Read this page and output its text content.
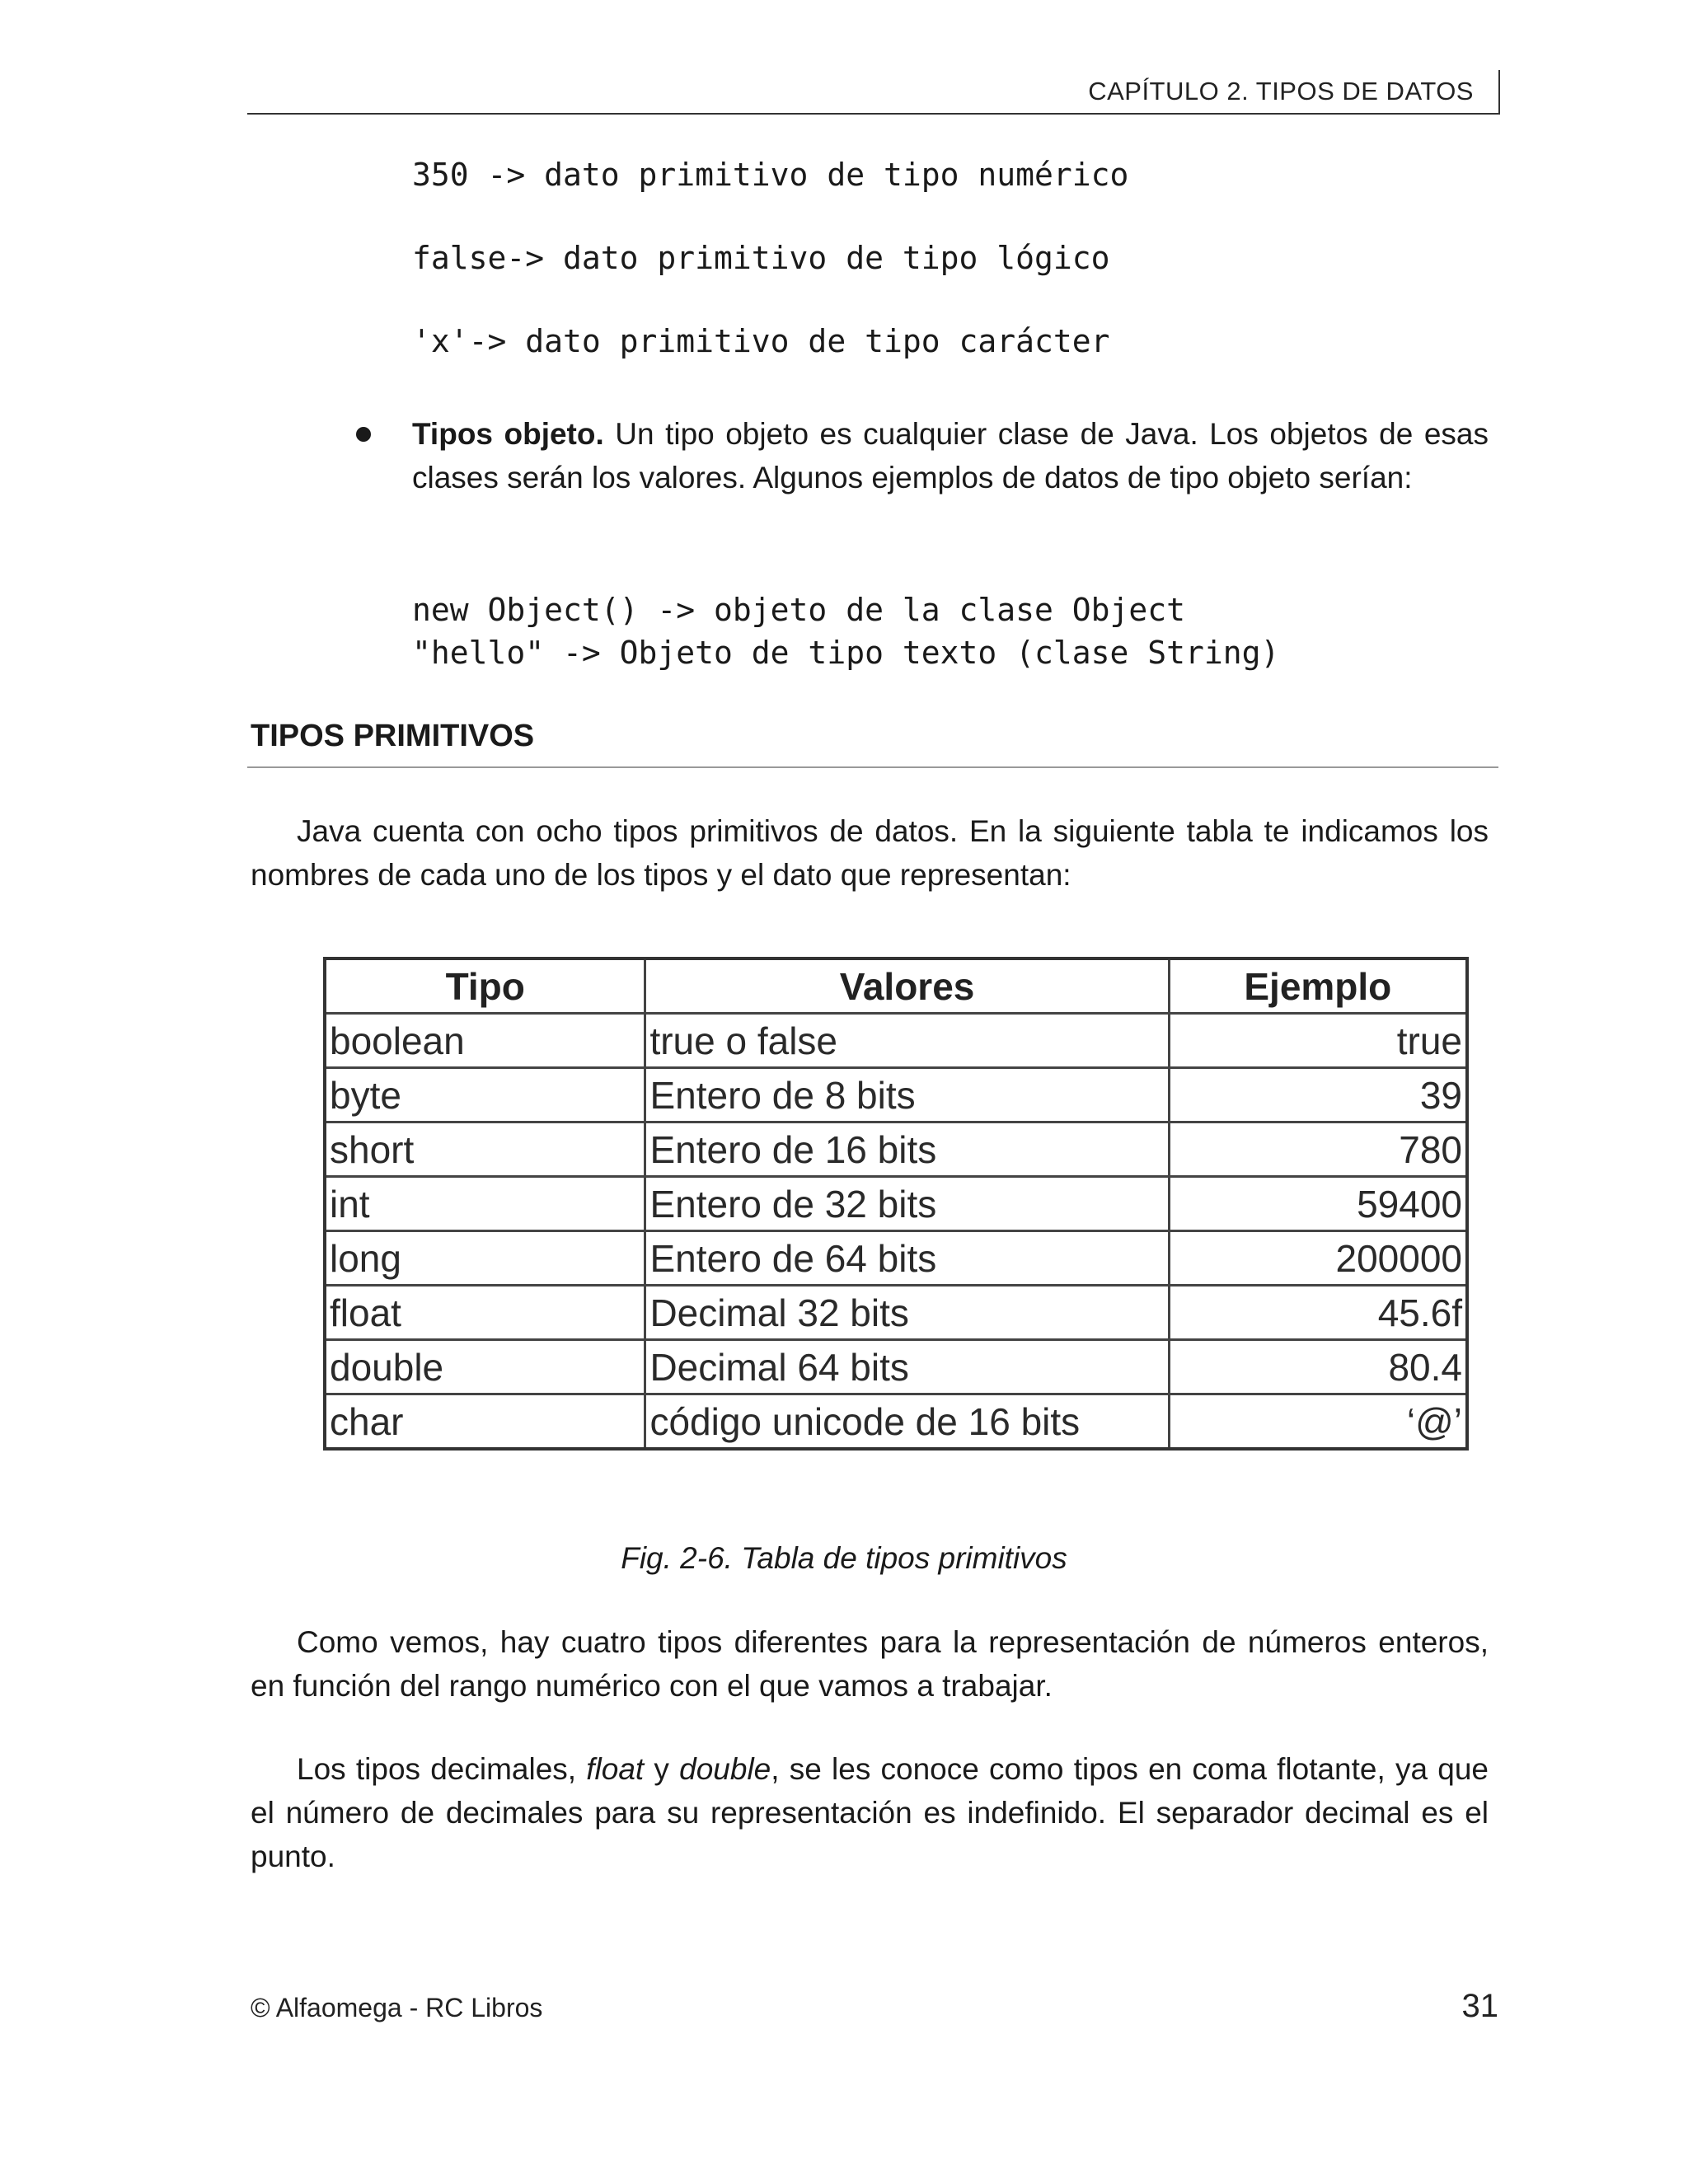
CAPÍTULO 2. TIPOS DE DATOS
350 -> dato primitivo de tipo numérico
false-> dato primitivo de tipo lógico
'x'-> dato primitivo de tipo carácter
Tipos objeto. Un tipo objeto es cualquier clase de Java. Los objetos de esas clases serán los valores. Algunos ejemplos de datos de tipo objeto serían:
new Object() -> objeto de la clase Object
"hello" -> Objeto de tipo texto (clase String)
TIPOS PRIMITIVOS
Java cuenta con ocho tipos primitivos de datos. En la siguiente tabla te indicamos los nombres de cada uno de los tipos y el dato que representan:
Tipo	Valores	Ejemplo
boolean	true o false	true
byte	Entero de 8 bits	39
short	Entero de 16 bits	780
int	Entero de 32 bits	59400
long	Entero de 64 bits	200000
float	Decimal 32 bits	45.6f
double	Decimal 64 bits	80.4
char	código unicode de 16 bits	‘@’
Fig. 2-6. Tabla de tipos primitivos
Como vemos, hay cuatro tipos diferentes para la representación de números enteros, en función del rango numérico con el que vamos a trabajar.
Los tipos decimales, float y double, se les conoce como tipos en coma flotante, ya que el número de decimales para su representación es indefinido. El separador decimal es el punto.
© Alfaomega - RC Libros	31
